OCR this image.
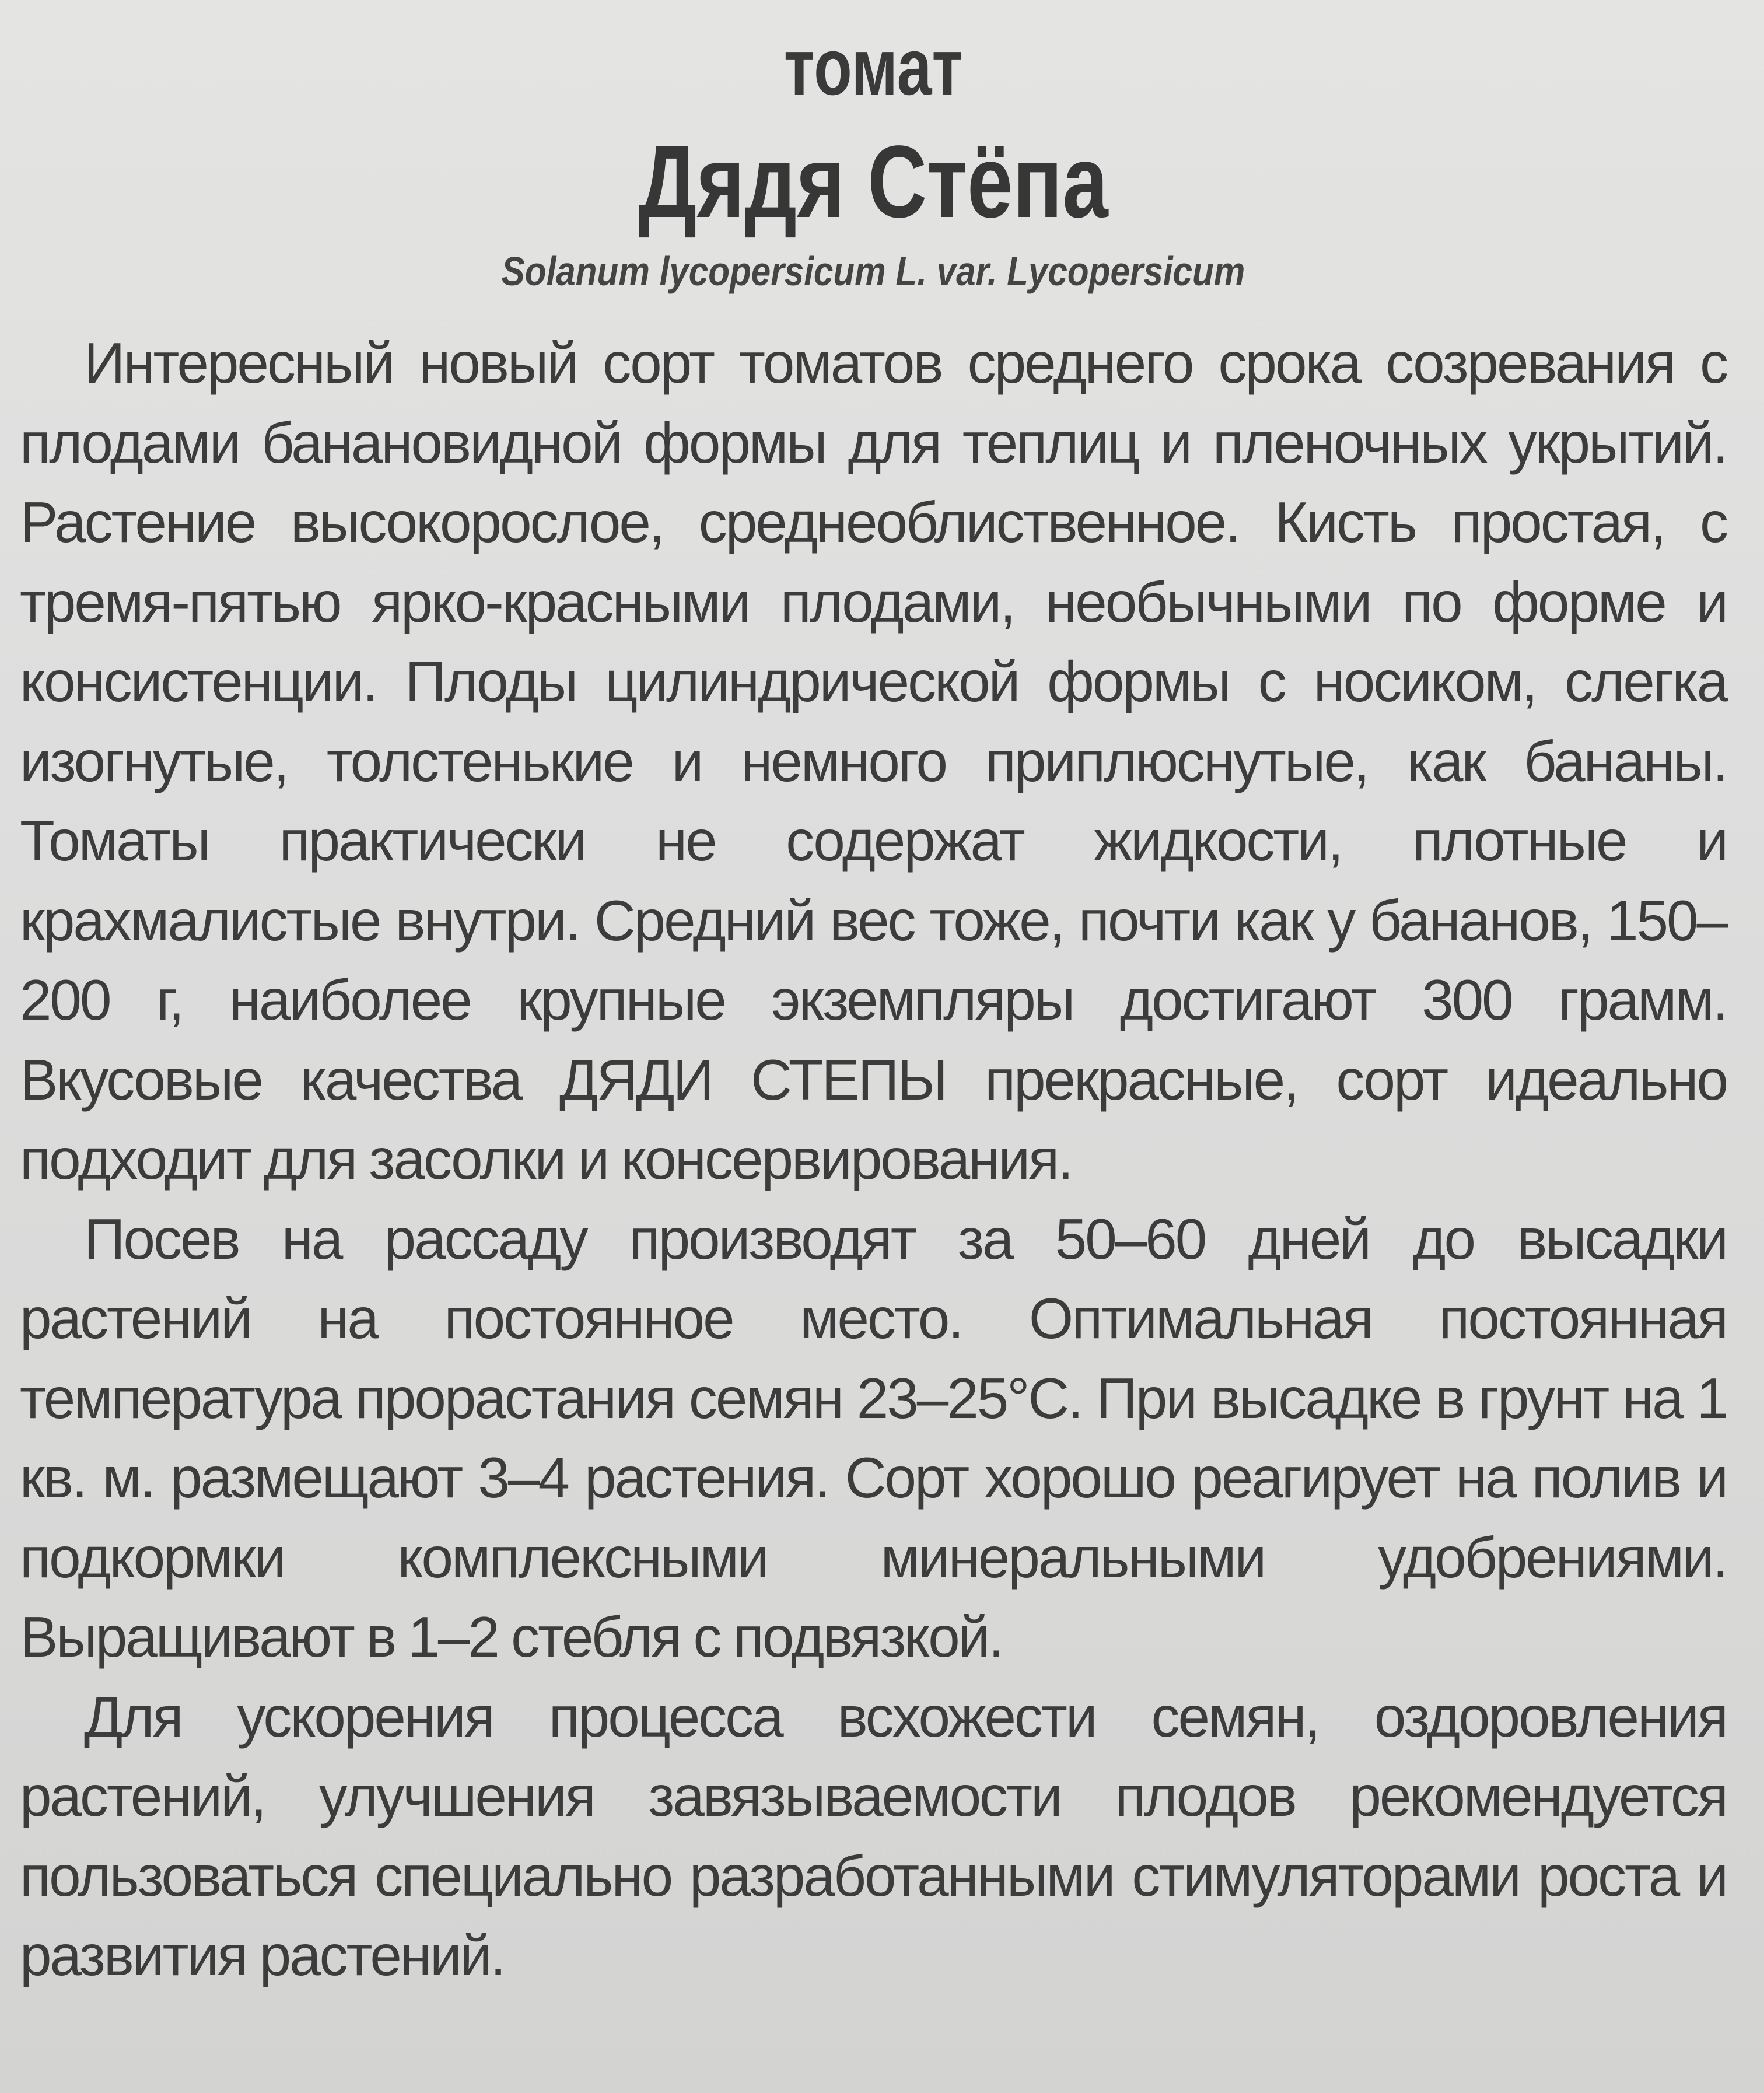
томат
Дядя Стёпа
Solanum lycopersicum L. var. Lycopersicum

Интересный новый сорт томатов среднего срока созревания с плодами банановидной формы для теплиц и пленочных укрытий. Растение высокорослое, среднеоблиственное. Кисть простая, с тремя-пятью ярко-красными плодами, необычными по форме и консистенции. Плоды цилиндрической формы с носиком, слегка изогнутые, толстенькие и немного приплюснутые, как бананы. Томаты практически не содержат жидкости, плотные и крахмалистые внутри. Средний вес тоже, почти как у бананов, 150–200 г, наиболее крупные экземпляры достигают 300 грамм. Вкусовые качества ДЯДИ СТЕПЫ прекрасные, сорт идеально подходит для засолки и консервирования.

Посев на рассаду производят за 50–60 дней до высадки растений на постоянное место. Оптимальная постоянная температура прорастания семян 23–25°С. При высадке в грунт на 1 кв. м. размещают 3–4 растения. Сорт хорошо реагирует на полив и подкормки комплексными минеральными удобрениями. Выращивают в 1–2 стебля с подвязкой.

Для ускорения процесса всхожести семян, оздоровления растений, улучшения завязываемости плодов рекомендуется пользоваться специально разработанными стимуляторами роста и развития растений.
